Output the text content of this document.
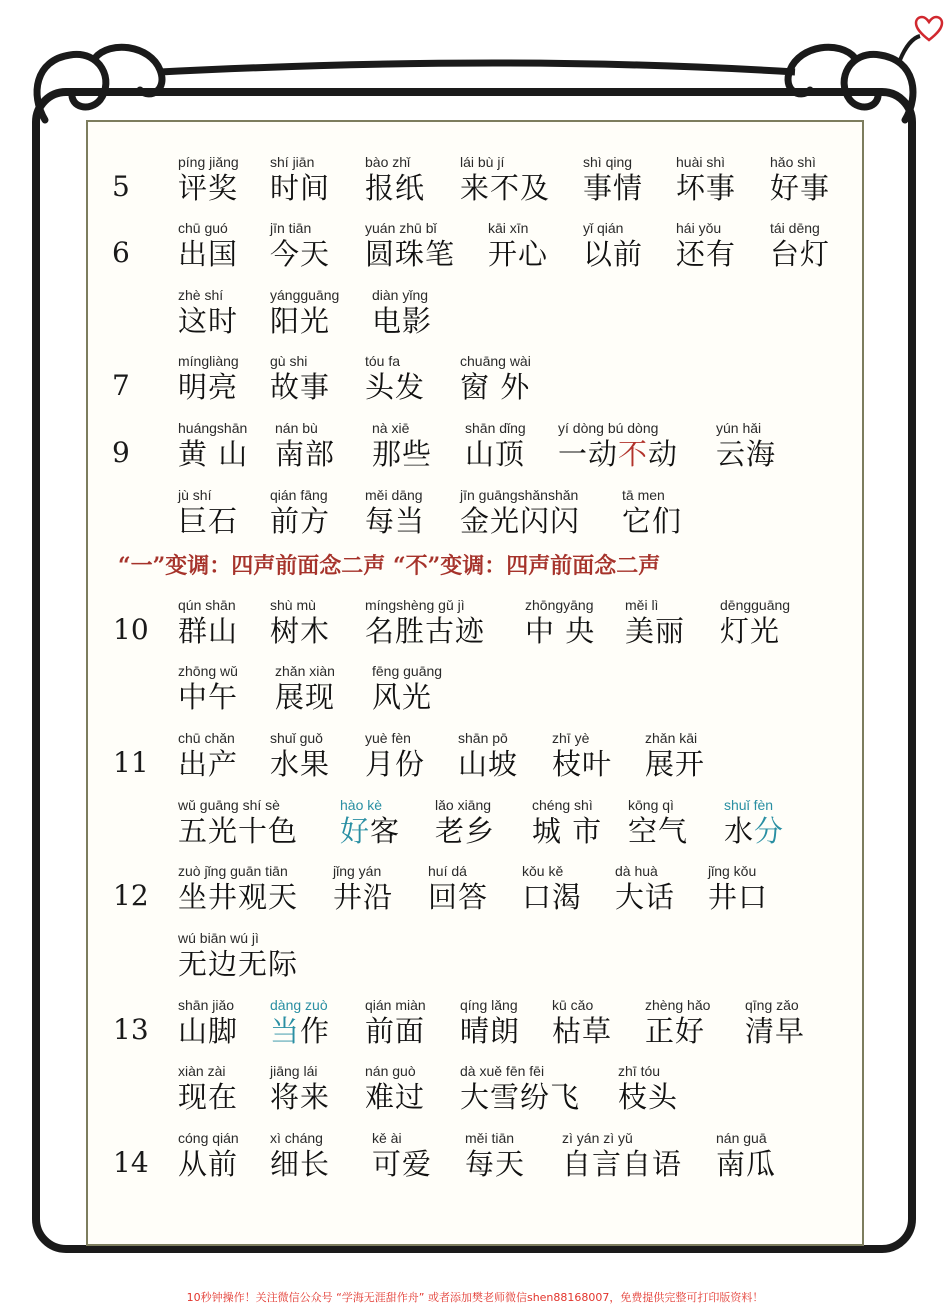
5
píng jiǎng
评奖
shí jiān
时间
bào zhǐ
报纸
lái bù jí
来不及
shì qing
事情
huài shì
坏事
hǎo shì
好事
6
chū guó
出国
jīn tiān
今天
yuán zhū bǐ
圆珠笔
kāi xīn
开心
yǐ qián
以前
hái yǒu
还有
tái dēng
台灯
zhè shí
这时
yángguāng
阳光
diàn yǐng
电影
7
míngliàng
明亮
gù shi
故事
tóu fa
头发
chuāng wài
窗 外
9
huángshān
黄 山
nán bù
南部
nà xiē
那些
shān dǐng
山顶
yí dòng bú dòng
一动不动
yún hǎi
云海
jù shí
巨石
qián fāng
前方
měi dāng
每当
jīn guāngshǎnshǎn
金光闪闪
tā men
它们
10
qún shān
群山
shù mù
树木
míngshèng gǔ jì
名胜古迹
zhōngyāng
中 央
měi lì
美丽
dēngguāng
灯光
zhōng wǔ
中午
zhǎn xiàn
展现
fēng guāng
风光
11
chū chǎn
出产
shuǐ guǒ
水果
yuè fèn
月份
shān pō
山坡
zhī yè
枝叶
zhǎn kāi
展开
wǔ guāng shí sè
五光十色
hào kè
好客
lǎo xiāng
老乡
chéng shì
城 市
kōng qì
空气
shuǐ fèn
水分
12
zuò jǐng guān tiān
坐井观天
jǐng yán
井沿
huí dá
回答
kǒu kě
口渴
dà huà
大话
jǐng kǒu
井口
wú biān wú jì
无边无际
13
shān jiǎo
山脚
dàng zuò
当作
qián miàn
前面
qíng lǎng
晴朗
kū cǎo
枯草
zhèng hǎo
正好
qīng zǎo
清早
xiàn zài
现在
jiāng lái
将来
nán guò
难过
dà xuě fēn fēi
大雪纷飞
zhī tóu
枝头
14
cóng qián
从前
xì cháng
细长
kě ài
可爱
měi tiān
每天
zì yán zì yǔ
自言自语
nán guā
南瓜
“一”变调：四声前面念二声 “不”变调：四声前面念二声
10秒钟操作！关注微信公众号 “学海无涯甜作舟” 或者添加樊老师微信shen88168007，免费提供完整可打印版资料！
